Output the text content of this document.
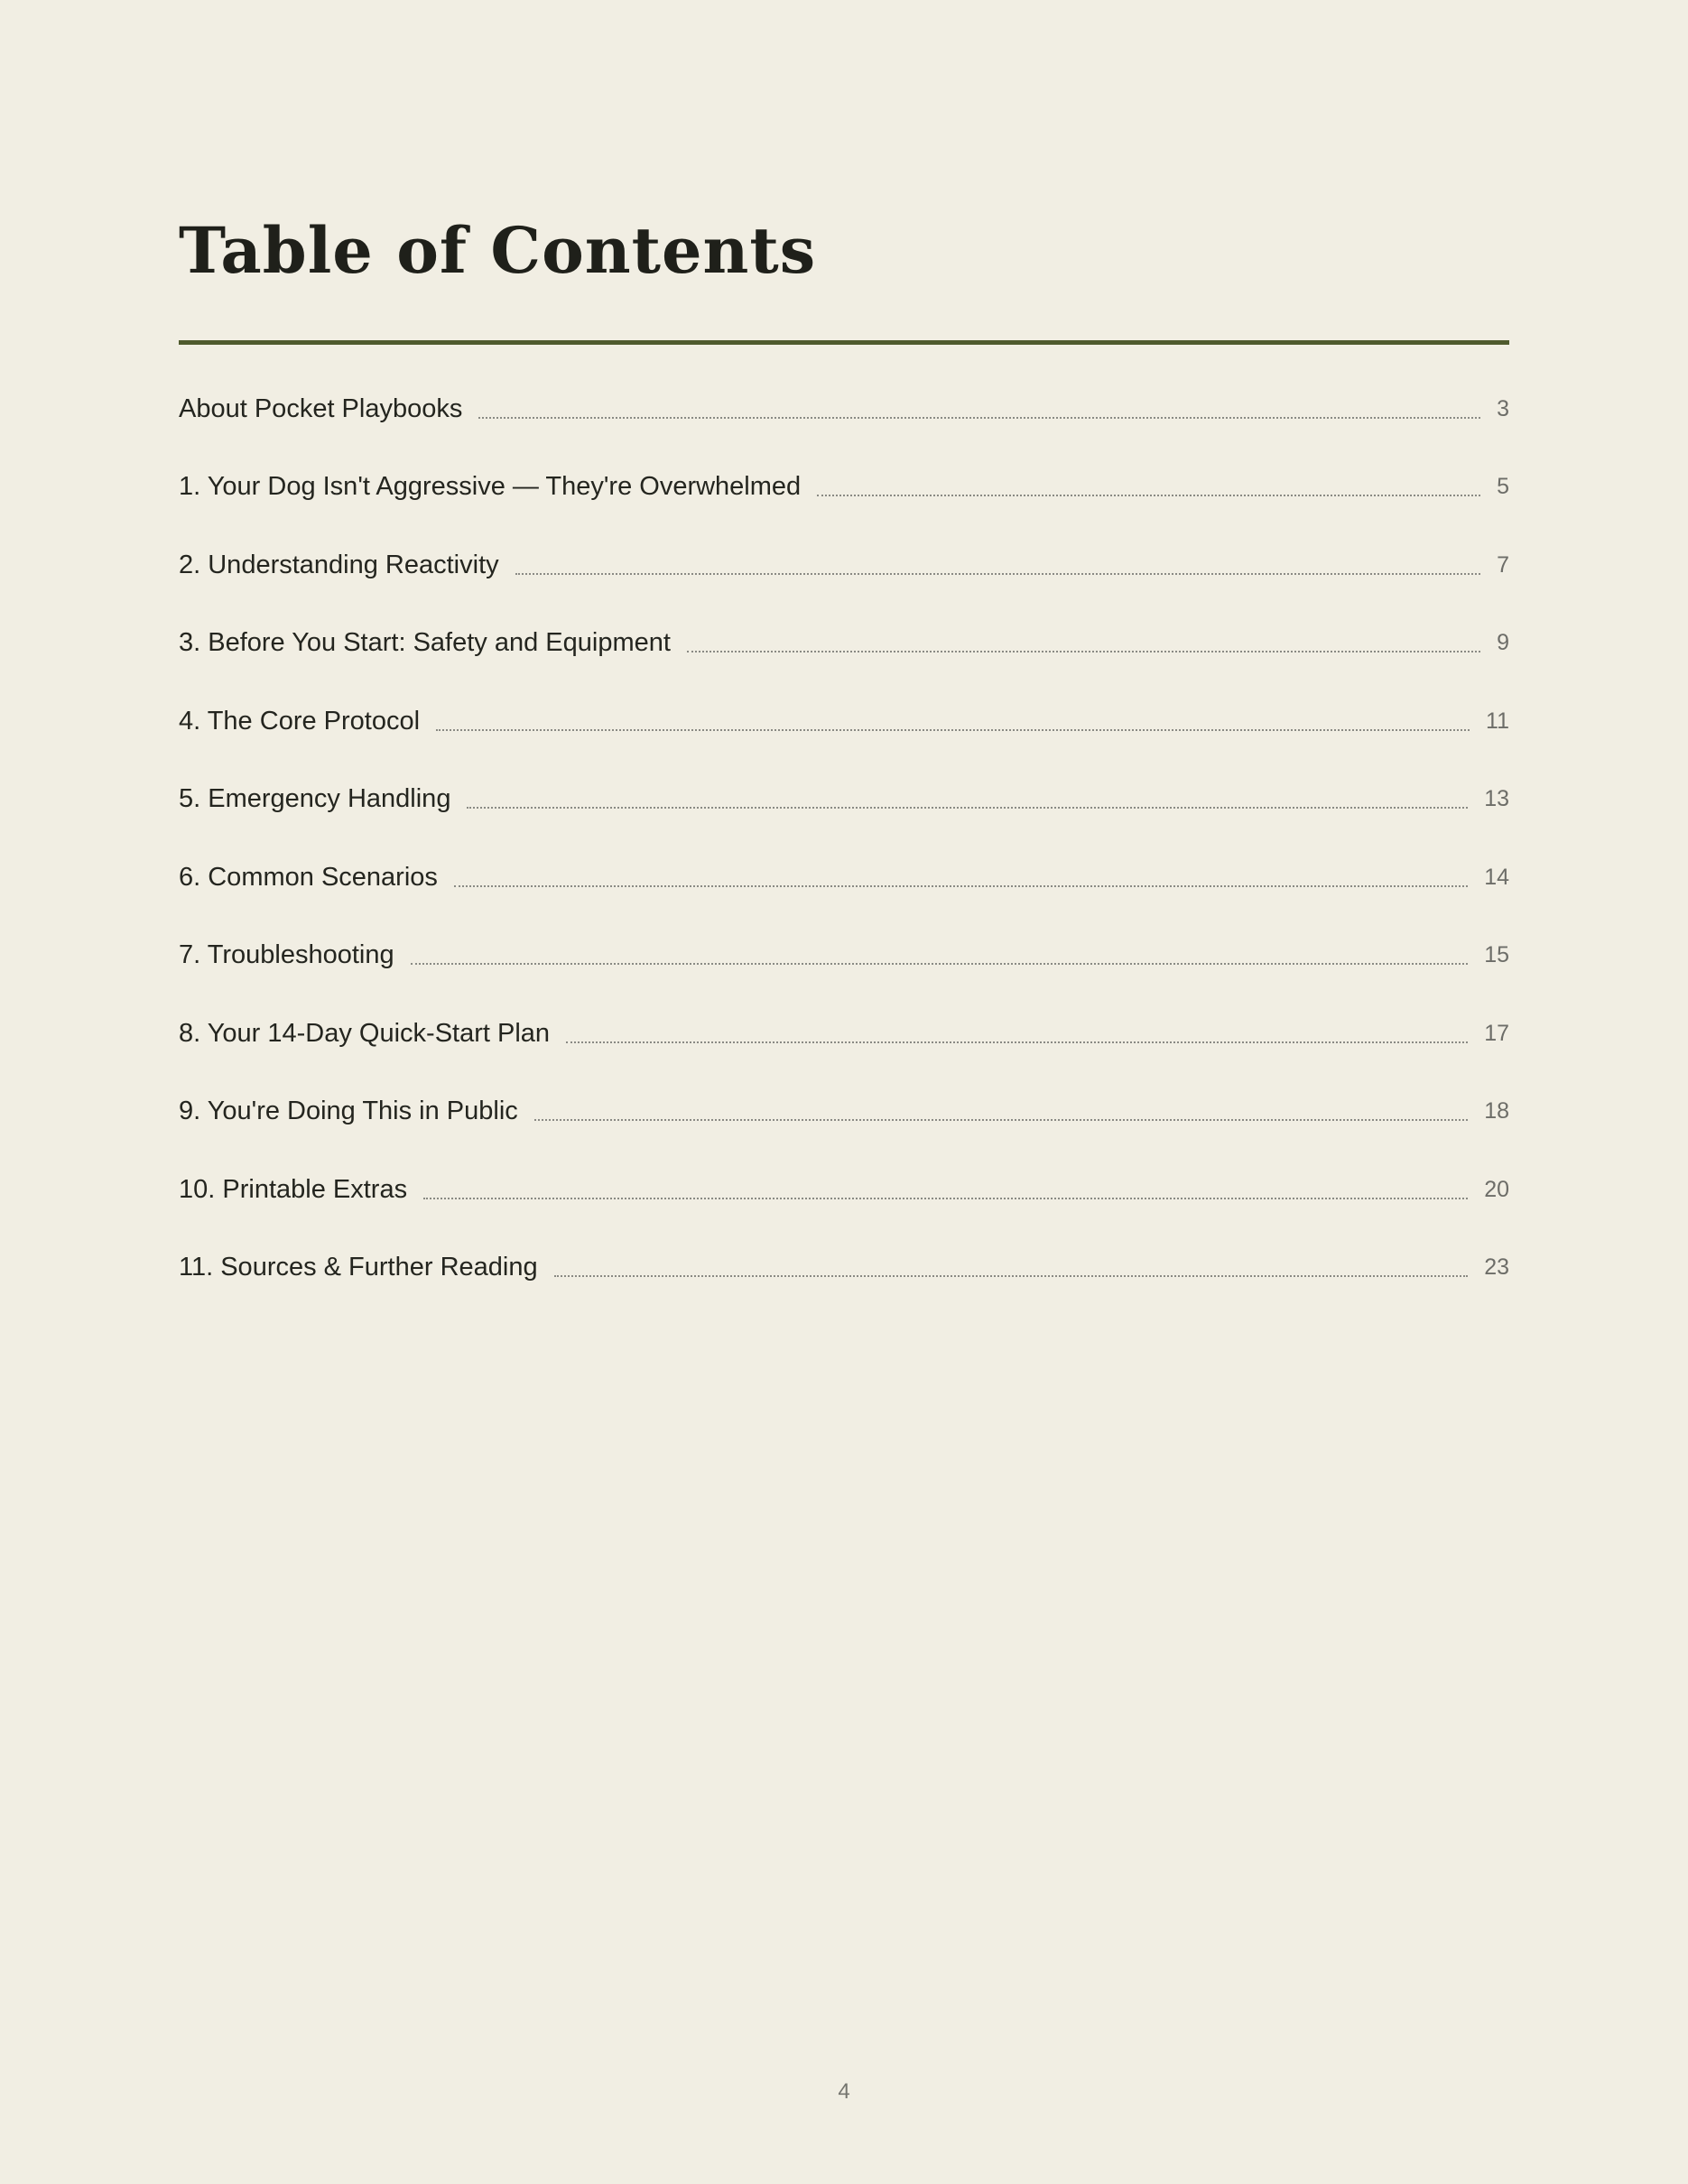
Table of Contents
About Pocket Playbooks	3
1. Your Dog Isn't Aggressive — They're Overwhelmed	5
2. Understanding Reactivity	7
3. Before You Start: Safety and Equipment	9
4. The Core Protocol	11
5. Emergency Handling	13
6. Common Scenarios	14
7. Troubleshooting	15
8. Your 14-Day Quick-Start Plan	17
9. You're Doing This in Public	18
10. Printable Extras	20
11. Sources & Further Reading	23
4
